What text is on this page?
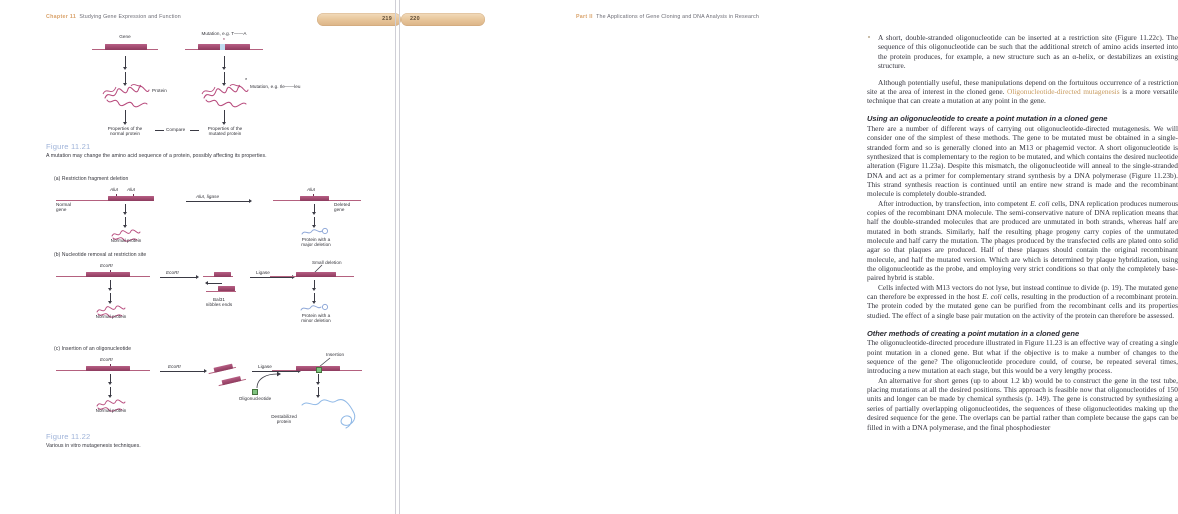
Chapter 11 Studying Gene Expression and Function	Part II The Applications of Gene Cloning and DNA Analysis in Research
219	220
Gene
Protein
Mutation, e.g. T——A
*
*
Mutation, e.g. Ile——leu
Properties of the
normal protein
Compare	Properties of the
mutated protein
Figure 11.21
A mutation may change the amino acid sequence of a protein, possibly affecting its properties.
(a) Restriction fragment deletion
AluI AluI
Normal
gene
Normal protein
AluI, ligase
AluI
Deleted
gene
Protein with a
major deletion
(b) Nucleotide removal at restriction site
EcoRI
Normal protein
EcoRI
Bal31
nibbles ends
Ligase
Small deletion
Protein with a
minor deletion
(c) Insertion of an oligonucleotide
EcoRI
Normal protein
EcoRI	Ligase
Oligonucleotide
Insertion
Destabilized
protein
Figure 11.22
Various in vitro mutagenesis techniques.

A short, double-stranded oligonucleotide can be inserted at a restriction site (Figure 11.22c). The sequence of this oligonucleotide can be such that the additional stretch of amino acids inserted into the protein produces, for example, a new structure such as an α-helix, or destabilizes an existing structure.

Although potentially useful, these manipulations depend on the fortuitous occurrence of a restriction site at the area of interest in the cloned gene. Oligonucleotide-directed mutagenesis is a more versatile technique that can create a mutation at any point in the gene.

Using an oligonucleotide to create a point mutation in a cloned gene

There are a number of different ways of carrying out oligonucleotide-directed mutagenesis. We will consider one of the simplest of these methods. The gene to be mutated must be obtained in a single-stranded form and so is generally cloned into an M13 or phagemid vector. A short oligonucleotide is synthesized that is complementary to the region to be mutated, and which contains the desired nucleotide alteration (Figure 11.23a). Despite this mismatch, the oligonucleotide will anneal to the single-stranded DNA and act as a primer for complementary strand synthesis by a DNA polymerase (Figure 11.23b). This strand synthesis reaction is continued until an entire new strand is made and the recombinant molecule is completely double-stranded.

After introduction, by transfection, into competent E. coli cells, DNA replication produces numerous copies of the recombinant DNA molecule. The semi-conservative nature of DNA replication means that half the double-stranded molecules that are produced are unmutated in both strands, whereas half are mutated in both strands. Similarly, half the resulting phage progeny carry copies of the unmutated molecule and half carry the mutation. The phages produced by the transfected cells are plated onto solid agar so that plaques are produced. Half of these plaques should contain the original recombinant molecule, and half the mutated version. Which are which is determined by plaque hybridization, using the oligonucleotide as the probe, and employing very strict conditions so that only the completely base-paired hybrid is stable.

Cells infected with M13 vectors do not lyse, but instead continue to divide (p. 19). The mutated gene can therefore be expressed in the host E. coli cells, resulting in the production of a recombinant protein. The protein coded by the mutated gene can be purified from the recombinant cells and its properties studied. The effect of a single base pair mutation on the activity of the protein can therefore be assessed.

Other methods of creating a point mutation in a cloned gene

The oligonucleotide-directed procedure illustrated in Figure 11.23 is an effective way of creating a single point mutation in a cloned gene. But what if the objective is to make a number of changes to the sequence of the gene? The oligonucleotide procedure could, of course, be repeated several times, introducing a new mutation at each stage, but this would be a very lengthy process.

An alternative for short genes (up to about 1.2 kb) would be to construct the gene in the test tube, placing mutations at all the desired positions. This approach is feasible now that oligonucleotides of 150 units and longer can be made by chemical synthesis (p. 149). The gene is constructed by synthesizing a series of partially overlapping oligonucleotides, the sequences of these oligonucleotides making up the desired sequence for the gene. The overlaps can be partial rather than complete because the gaps can be filled in with a DNA polymerase, and the final phosphodiester
